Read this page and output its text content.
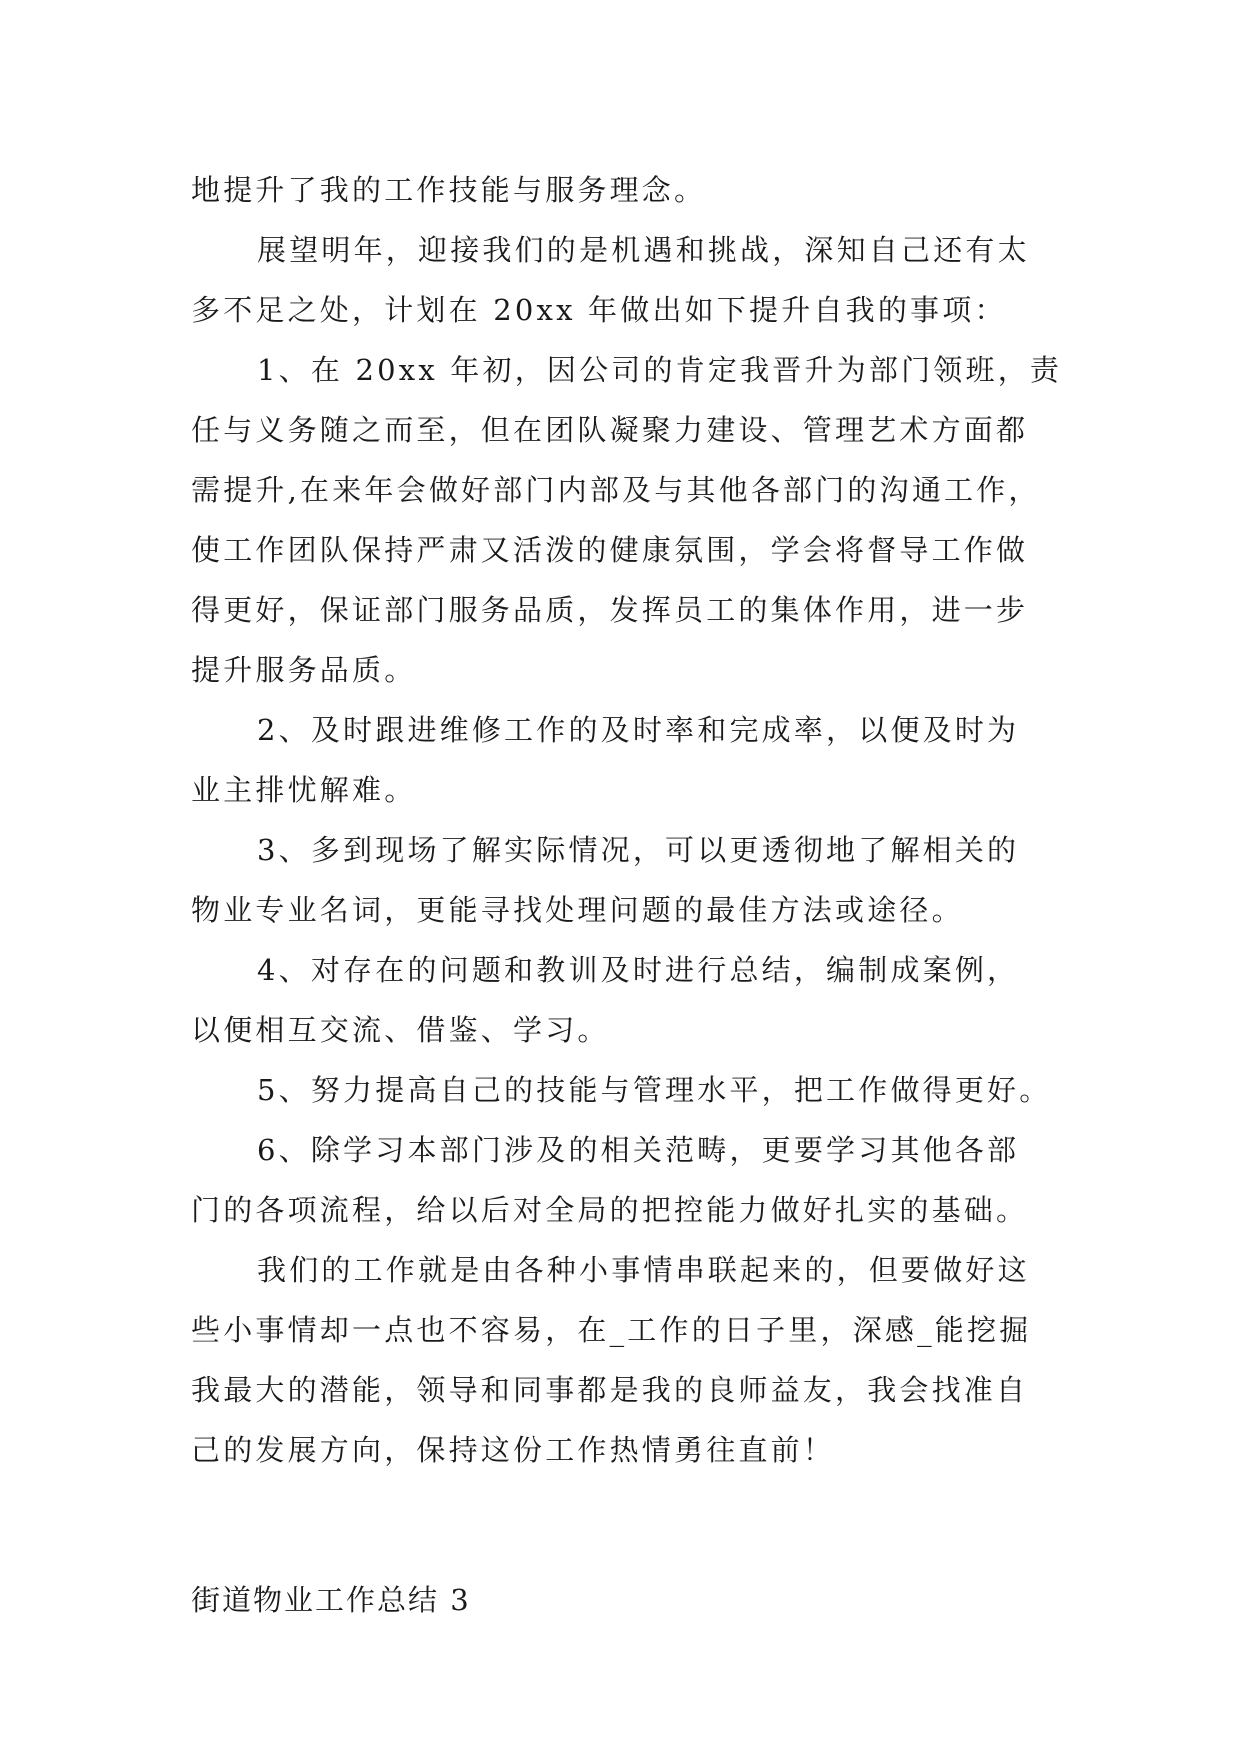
地提升了我的工作技能与服务理念。
展望明年，迎接我们的是机遇和挑战，深知自己还有太
多不足之处，计划在 20xx 年做出如下提升自我的事项：
1、在 20xx 年初，因公司的肯定我晋升为部门领班，责
任与义务随之而至，但在团队凝聚力建设、管理艺术方面都
需提升,在来年会做好部门内部及与其他各部门的沟通工作，
使工作团队保持严肃又活泼的健康氛围，学会将督导工作做
得更好，保证部门服务品质，发挥员工的集体作用，进一步
提升服务品质。
2、及时跟进维修工作的及时率和完成率，以便及时为
业主排忧解难。
3、多到现场了解实际情况，可以更透彻地了解相关的
物业专业名词，更能寻找处理问题的最佳方法或途径。
4、对存在的问题和教训及时进行总结，编制成案例，
以便相互交流、借鉴、学习。
5、努力提高自己的技能与管理水平，把工作做得更好。
6、除学习本部门涉及的相关范畴，更要学习其他各部
门的各项流程，给以后对全局的把控能力做好扎实的基础。
我们的工作就是由各种小事情串联起来的，但要做好这
些小事情却一点也不容易，在_工作的日子里，深感_能挖掘
我最大的潜能，领导和同事都是我的良师益友，我会找准自
己的发展方向，保持这份工作热情勇往直前！
街道物业工作总结 3
